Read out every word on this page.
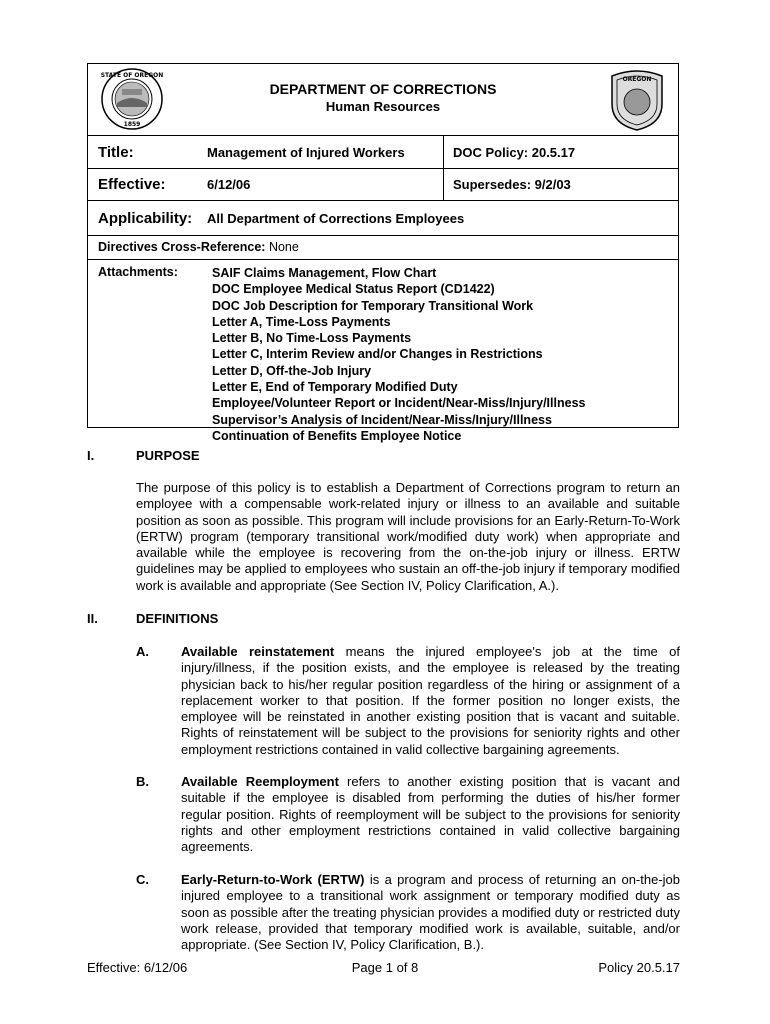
STATE OF OREGON
1859
DEPARTMENT OF CORRECTIONS
Human Resources
OREGON
Title:	Management of Injured Workers	DOC Policy: 20.5.17
Effective:	6/12/06	Supersedes: 9/2/03
Applicability: All Department of Corrections Employees
Directives Cross-Reference: None
Attachments:	SAIF Claims Management, Flow Chart
DOC Employee Medical Status Report (CD1422)
DOC Job Description for Temporary Transitional Work
Letter A, Time-Loss Payments
Letter B, No Time-Loss Payments
Letter C, Interim Review and/or Changes in Restrictions
Letter D, Off-the-Job Injury
Letter E, End of Temporary Modified Duty
Employee/Volunteer Report or Incident/Near-Miss/Injury/Illness
Supervisor’s Analysis of Incident/Near-Miss/Injury/Illness
Continuation of Benefits Employee Notice
I.	PURPOSE

The purpose of this policy is to establish a Department of Corrections program to return an employee with a compensable work-related injury or illness to an available and suitable position as soon as possible. This program will include provisions for an Early-Return-To-Work (ERTW) program (temporary transitional work/modified duty work) when appropriate and available while the employee is recovering from the on-the-job injury or illness. ERTW guidelines may be applied to employees who sustain an off-the-job injury if temporary modified work is available and appropriate (See Section IV, Policy Clarification, A.).

II.	DEFINITIONS
A. Available reinstatement means the injured employee's job at the time of injury/illness, if the position exists, and the employee is released by the treating physician back to his/her regular position regardless of the hiring or assignment of a replacement worker to that position. If the former position no longer exists, the employee will be reinstated in another existing position that is vacant and suitable. Rights of reinstatement will be subject to the provisions for seniority rights and other employment restrictions contained in valid collective bargaining agreements.

B. Available Reemployment refers to another existing position that is vacant and suitable if the employee is disabled from performing the duties of his/her former regular position. Rights of reemployment will be subject to the provisions for seniority rights and other employment restrictions contained in valid collective bargaining agreements.

C. Early-Return-to-Work (ERTW) is a program and process of returning an on-the-job injured employee to a transitional work assignment or temporary modified duty as soon as possible after the treating physician provides a modified duty or restricted duty work release, provided that temporary modified work is available, suitable, and/or appropriate. (See Section IV, Policy Clarification, B.).

Effective: 6/12/06	Page 1 of 8	Policy 20.5.17
